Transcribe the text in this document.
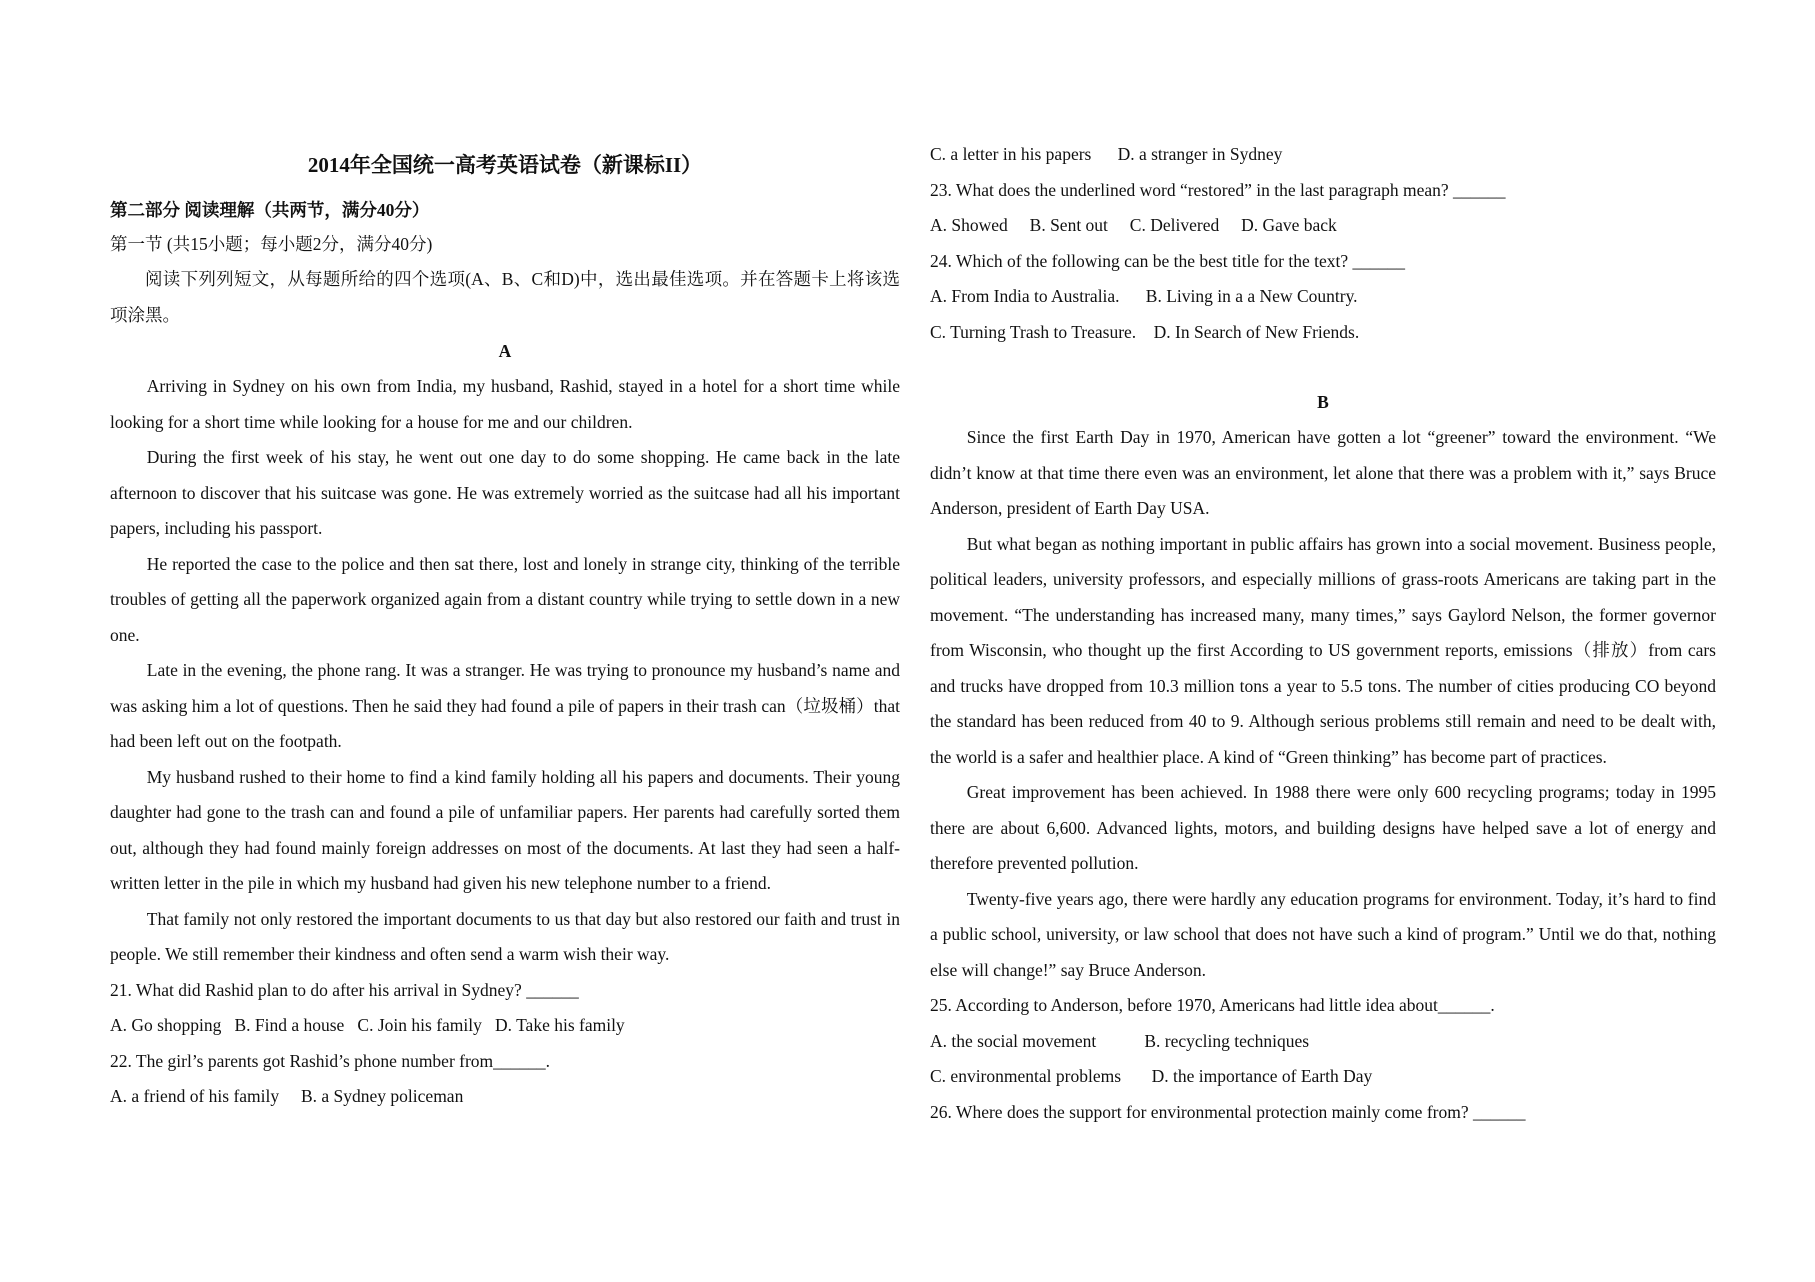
2014年全国统一高考英语试卷（新课标II）

第二部分 阅读理解（共两节，满分40分）

第一节 (共15小题；每小题2分，满分40分)

阅读下列列短文，从每题所给的四个选项(A、B、C和D)中，选出最佳选项。并在答题卡上将该选项涂黑。

A

Arriving in Sydney on his own from India, my husband, Rashid, stayed in a hotel for a short time while looking for a short time while looking for a house for me and our children.

During the first week of his stay, he went out one day to do some shopping. He came back in the late afternoon to discover that his suitcase was gone. He was extremely worried as the suitcase had all his important papers, including his passport.

He reported the case to the police and then sat there, lost and lonely in strange city, thinking of the terrible troubles of getting all the paperwork organized again from a distant country while trying to settle down in a new one.

Late in the evening, the phone rang. It was a stranger. He was trying to pronounce my husband’s name and was asking him a lot of questions. Then he said they had found a pile of papers in their trash can（垃圾桶）that had been left out on the footpath.

My husband rushed to their home to find a kind family holding all his papers and documents. Their young daughter had gone to the trash can and found a pile of unfamiliar papers. Her parents had carefully sorted them out, although they had found mainly foreign addresses on most of the documents. At last they had seen a half-written letter in the pile in which my husband had given his new telephone number to a friend.

That family not only restored the important documents to us that day but also restored our faith and trust in people. We still remember their kindness and often send a warm wish their way.

21. What did Rashid plan to do after his arrival in Sydney? ______

A. Go shopping   B. Find a house   C. Join his family   D. Take his family

22. The girl’s parents got Rashid’s phone number from______.

A. a friend of his family     B. a Sydney policeman

C. a letter in his papers      D. a stranger in Sydney

23. What does the underlined word “restored” in the last paragraph mean? ______

A. Showed     B. Sent out     C. Delivered     D. Gave back

24. Which of the following can be the best title for the text? ______

A. From India to Australia.      B. Living in a a New Country.

C. Turning Trash to Treasure.    D. In Search of New Friends.

B

Since the first Earth Day in 1970, American have gotten a lot “greener” toward the environment. “We didn’t know at that time there even was an environment, let alone that there was a problem with it,” says Bruce Anderson, president of Earth Day USA.

But what began as nothing important in public affairs has grown into a social movement. Business people, political leaders, university professors, and especially millions of grass-roots Americans are taking part in the movement. “The understanding has increased many, many times,” says Gaylord Nelson, the former governor from Wisconsin, who thought up the first According to US government reports, emissions（排放）from cars and trucks have dropped from 10.3 million tons a year to 5.5 tons. The number of cities producing CO beyond the standard has been reduced from 40 to 9. Although serious problems still remain and need to be dealt with, the world is a safer and healthier place. A kind of “Green thinking” has become part of practices.

Great improvement has been achieved. In 1988 there were only 600 recycling programs; today in 1995 there are about 6,600. Advanced lights, motors, and building designs have helped save a lot of energy and therefore prevented pollution.

Twenty-five years ago, there were hardly any education programs for environment. Today, it’s hard to find a public school, university, or law school that does not have such a kind of program.” Until we do that, nothing else will change!” say Bruce Anderson.

25. According to Anderson, before 1970, Americans had little idea about______.

A. the social movement           B. recycling techniques

C. environmental problems       D. the importance of Earth Day

26. Where does the support for environmental protection mainly come from? ______
